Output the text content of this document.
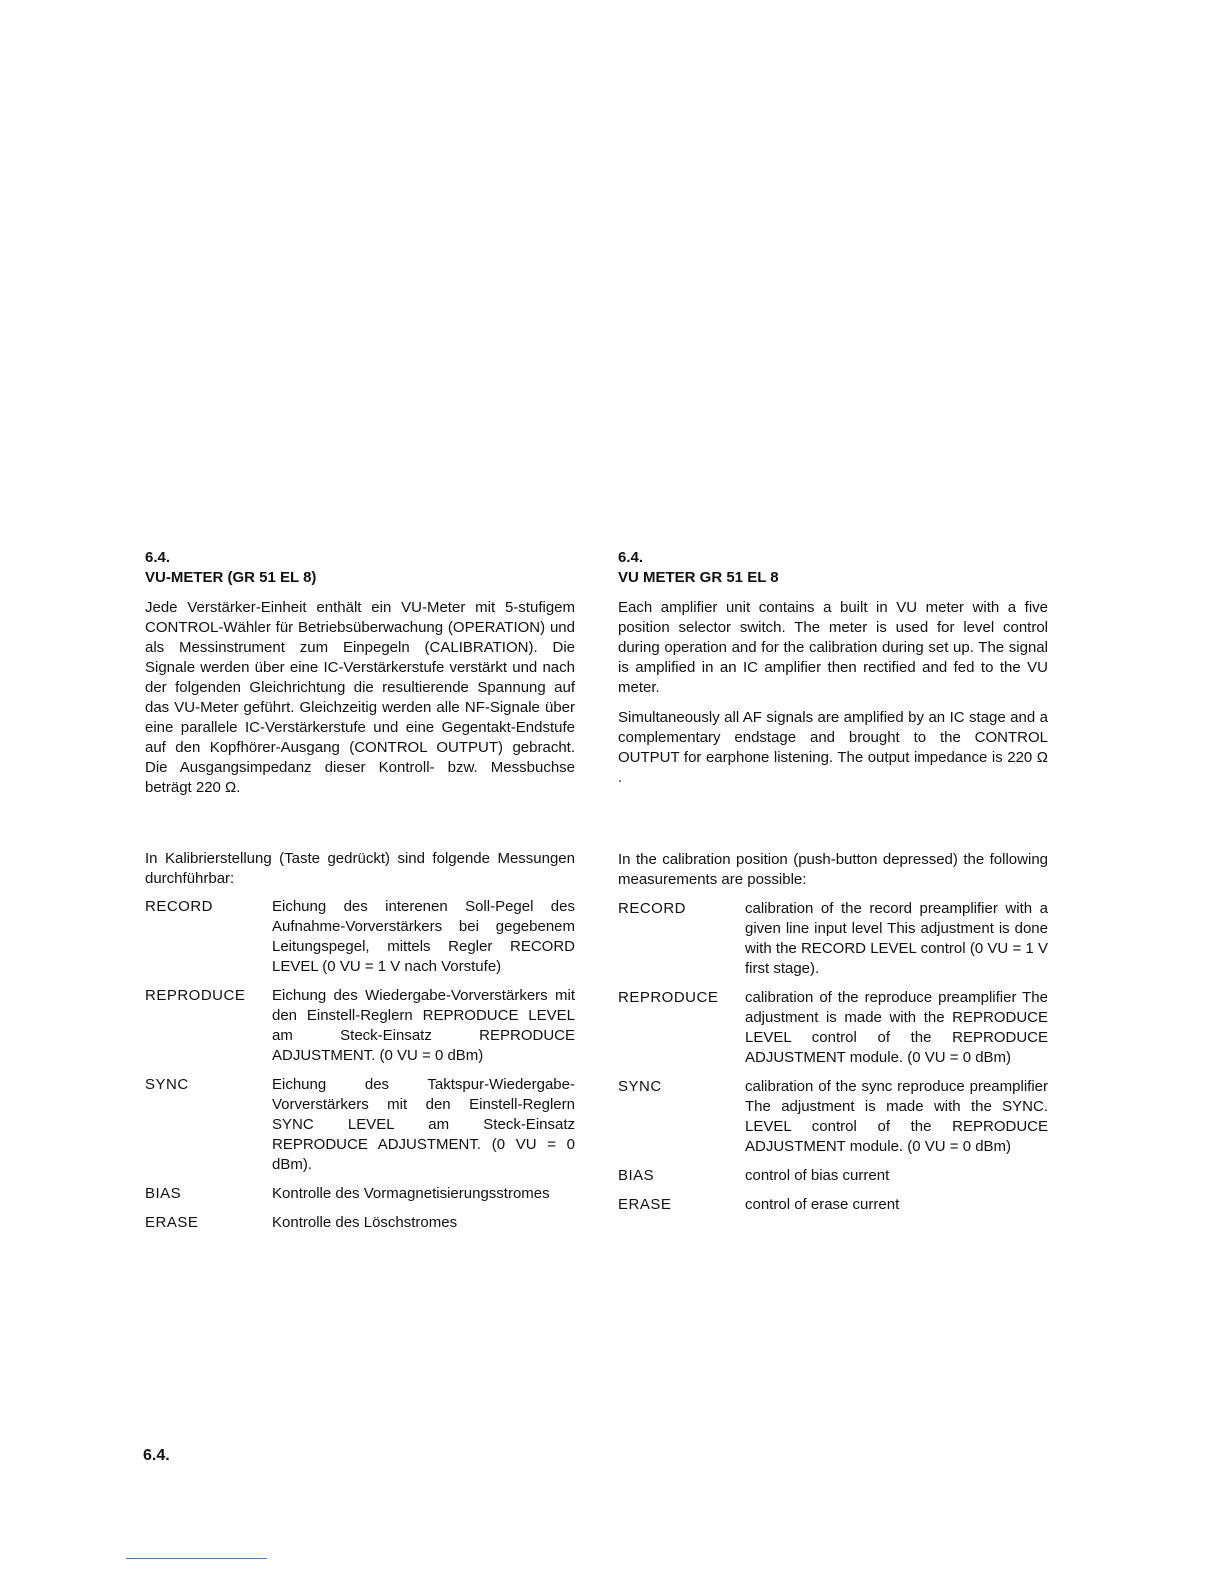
6.4.
VU-METER (GR 51 EL 8)

Jede Verstärker-Einheit enthält ein VU-Meter mit 5-stufigem CONTROL-Wähler für Betriebsüberwachung (OPERATION) und als Messinstrument zum Einpegeln (CALIBRATION). Die Signale werden über eine IC-Verstärkerstufe verstärkt und nach der folgenden Gleichrichtung die resultierende Spannung auf das VU-Meter geführt. Gleichzeitig werden alle NF-Signale über eine parallele IC-Verstärkerstufe und eine Gegentakt-Endstufe auf den Kopfhörer-Ausgang (CONTROL OUTPUT) gebracht. Die Ausgangsimpedanz dieser Kontroll- bzw. Messbuchse beträgt 220 Ω.

6.4.
VU METER GR 51 EL 8

Each amplifier unit contains a built in VU meter with a five position selector switch. The meter is used for level control during operation and for the calibration during set up. The signal is amplified in an IC amplifier then rectified and fed to the VU meter.

Simultaneously all AF signals are amplified by an IC stage and a complementary endstage and brought to the CONTROL OUTPUT for earphone listening. The output impedance is 220 Ω .

In Kalibrierstellung (Taste gedrückt) sind folgende Messungen durchführbar:
In the calibration position (push-button depressed) the following measurements are possible:
RECORD	Eichung des interenen Soll-Pegel des Aufnahme-Vorverstärkers bei gegebenem Leitungspegel, mittels Regler RECORD LEVEL (0 VU = 1 V nach Vorstufe)
REPRODUCE	Eichung des Wiedergabe-Vorverstärkers mit den Einstell-Reglern REPRODUCE LEVEL am Steck-Einsatz REPRODUCE ADJUSTMENT. (0 VU = 0 dBm)
SYNC	Eichung des Taktspur-Wiedergabe-Vorverstärkers mit den Einstell-Reglern SYNC LEVEL am Steck-Einsatz REPRODUCE ADJUSTMENT. (0 VU = 0 dBm).
BIAS	Kontrolle des Vormagnetisierungsstromes
ERASE	Kontrolle des Löschstromes
RECORD	calibration of the record preamplifier with a given line input level This adjustment is done with the RECORD LEVEL control (0 VU = 1 V first stage).
REPRODUCE	calibration of the reproduce preamplifier The adjustment is made with the REPRODUCE LEVEL control of the REPRODUCE ADJUSTMENT module. (0 VU = 0 dBm)
SYNC	calibration of the sync reproduce preamplifier The adjustment is made with the SYNC. LEVEL control of the REPRODUCE ADJUSTMENT module. (0 VU = 0 dBm)
BIAS	control of bias current
ERASE	control of erase current
6.4.
